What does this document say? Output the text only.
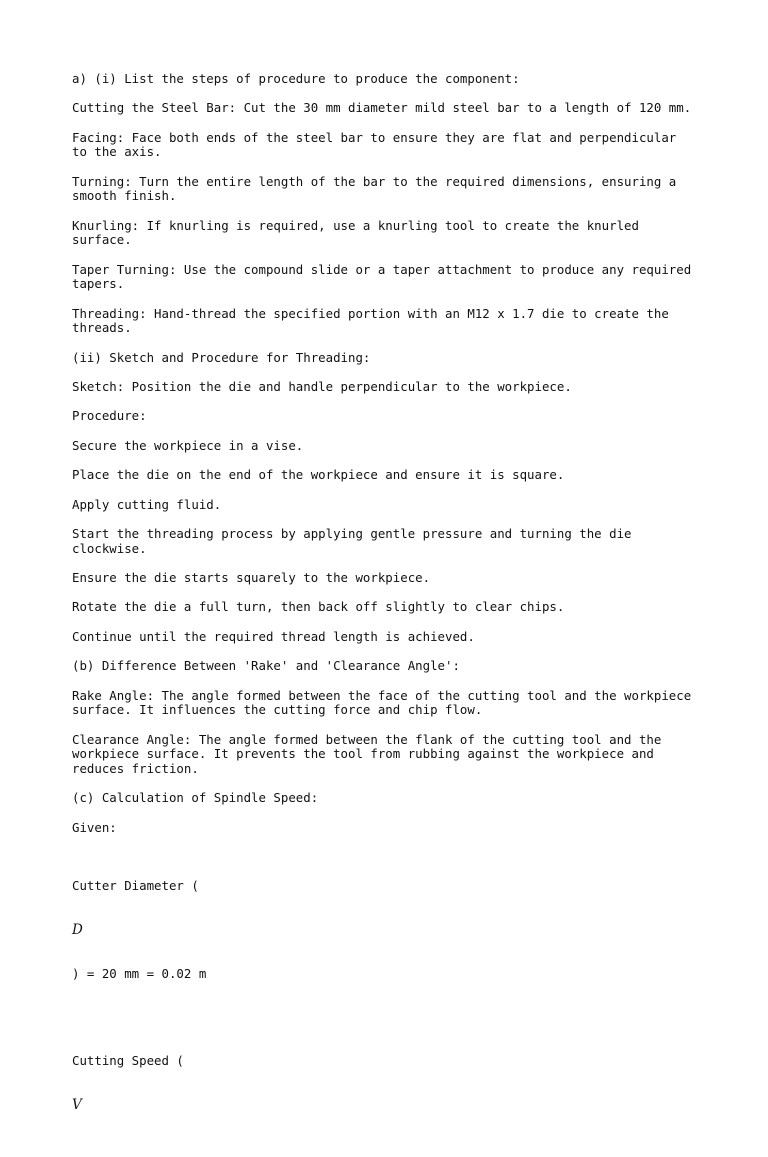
a) (i) List the steps of procedure to produce the component:

Cutting the Steel Bar: Cut the 30 mm diameter mild steel bar to a length of 120 mm.

Facing: Face both ends of the steel bar to ensure they are flat and perpendicular
to the axis.

Turning: Turn the entire length of the bar to the required dimensions, ensuring a
smooth finish.

Knurling: If knurling is required, use a knurling tool to create the knurled
surface.

Taper Turning: Use the compound slide or a taper attachment to produce any required
tapers.

Threading: Hand-thread the specified portion with an M12 x 1.7 die to create the
threads.

(ii) Sketch and Procedure for Threading:

Sketch: Position the die and handle perpendicular to the workpiece.

Procedure:

Secure the workpiece in a vise.

Place the die on the end of the workpiece and ensure it is square.

Apply cutting fluid.

Start the threading process by applying gentle pressure and turning the die
clockwise.

Ensure the die starts squarely to the workpiece.

Rotate the die a full turn, then back off slightly to clear chips.

Continue until the required thread length is achieved.

(b) Difference Between 'Rake' and 'Clearance Angle':

Rake Angle: The angle formed between the face of the cutting tool and the workpiece
surface. It influences the cutting force and chip flow.

Clearance Angle: The angle formed between the flank of the cutting tool and the
workpiece surface. It prevents the tool from rubbing against the workpiece and
reduces friction.

(c) Calculation of Spindle Speed:

Given:

Cutter Diameter (

D

) = 20 mm = 0.02 m

Cutting Speed (

V
